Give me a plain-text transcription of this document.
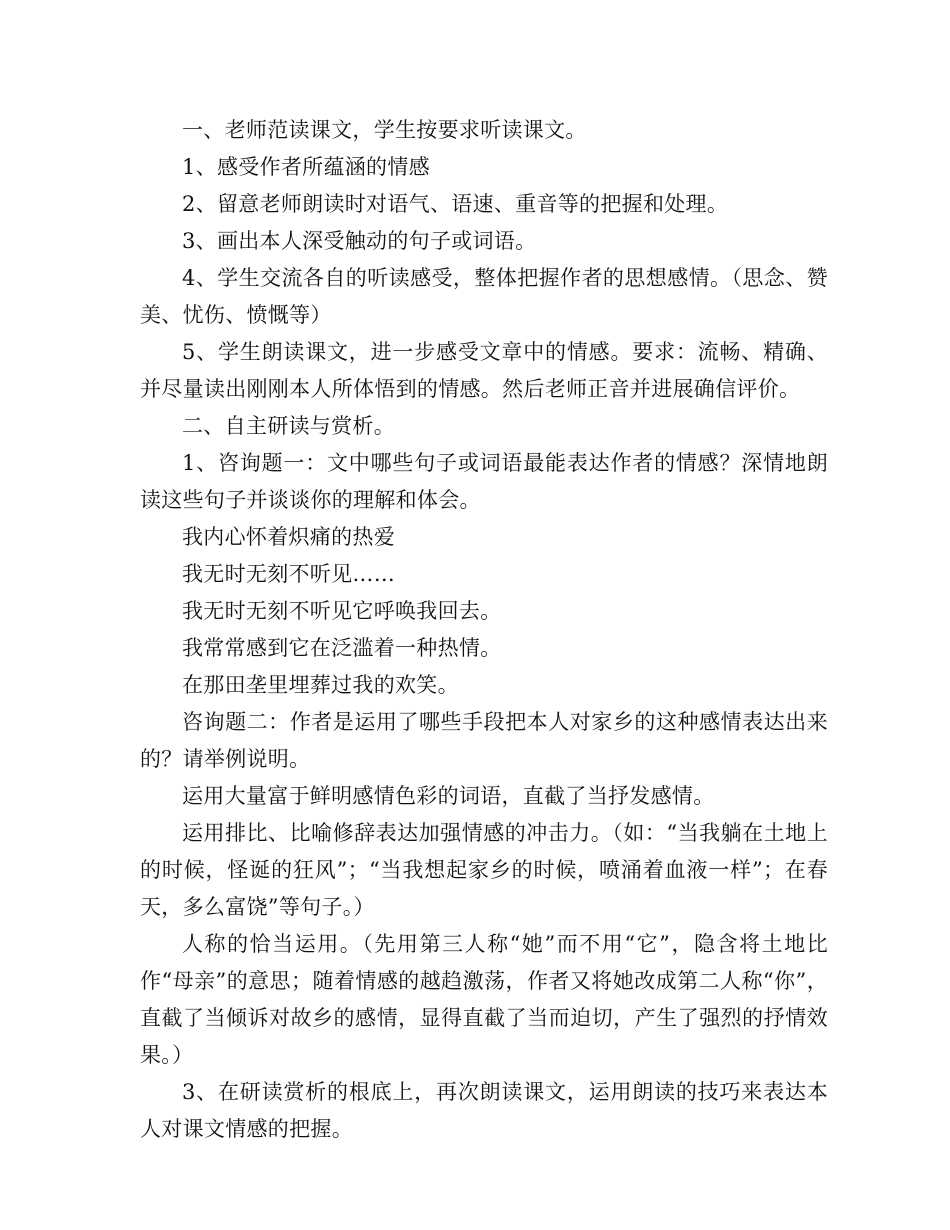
一、老师范读课文，学生按要求听读课文。

1、感受作者所蕴涵的情感

2、留意老师朗读时对语气、语速、重音等的把握和处理。

3、画出本人深受触动的句子或词语。

4、学生交流各自的听读感受，整体把握作者的思想感情。（思念、赞美、忧伤、愤慨等）

5、学生朗读课文，进一步感受文章中的情感。要求：流畅、精确、并尽量读出刚刚本人所体悟到的情感。然后老师正音并进展确信评价。

二、自主研读与赏析。

1、咨询题一：文中哪些句子或词语最能表达作者的情感？深情地朗读这些句子并谈谈你的理解和体会。

我内心怀着炽痛的热爱

我无时无刻不听见……

我无时无刻不听见它呼唤我回去。

我常常感到它在泛滥着一种热情。

在那田垄里埋葬过我的欢笑。

咨询题二：作者是运用了哪些手段把本人对家乡的这种感情表达出来的？请举例说明。

运用大量富于鲜明感情色彩的词语，直截了当抒发感情。

运用排比、比喻修辞表达加强情感的冲击力。（如：“当我躺在土地上的时候，怪诞的狂风”；“当我想起家乡的时候，喷涌着血液一样”；在春天，多么富饶”等句子。）

人称的恰当运用。（先用第三人称“她”而不用“它”，隐含将土地比作“母亲”的意思；随着情感的越趋激荡，作者又将她改成第二人称“你”，直截了当倾诉对故乡的感情，显得直截了当而迫切，产生了强烈的抒情效果。）

3、在研读赏析的根底上，再次朗读课文，运用朗读的技巧来表达本人对课文情感的把握。
